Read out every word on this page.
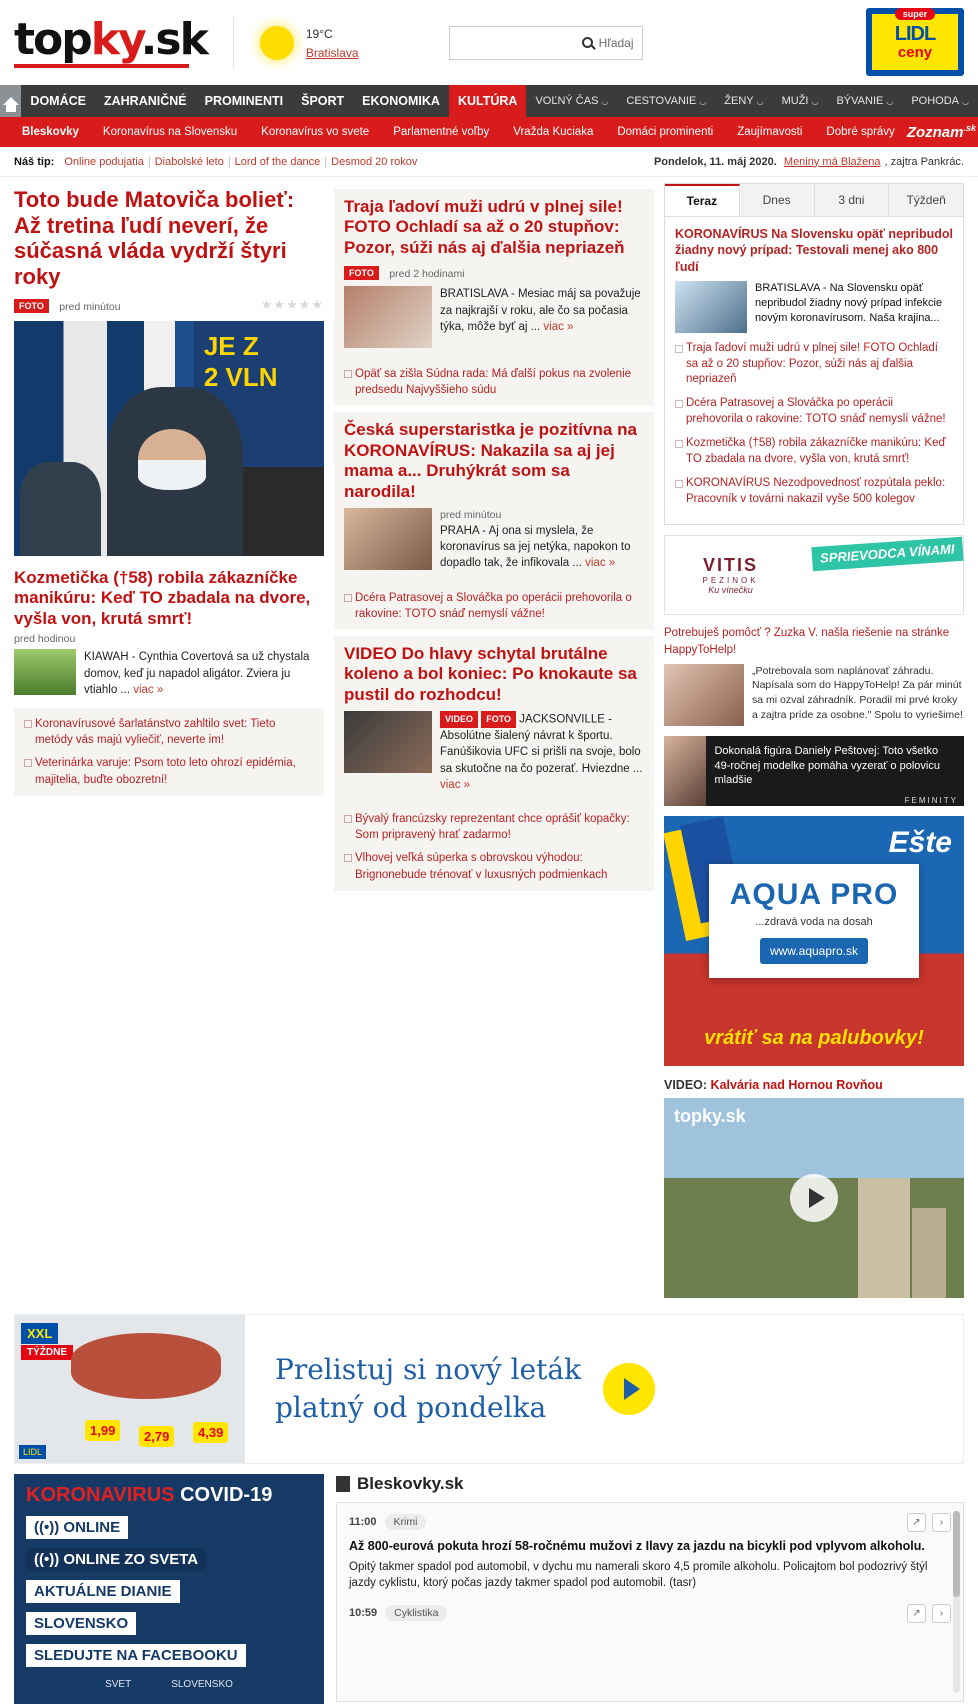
topky.sk	19°C
Bratislava
Hľadaj
super
LIDL
ceny
DOMÁCE ZAHRANIČNÉ PROMINENTI ŠPORT EKONOMIKA KULTÚRA VOĽNÝ ČAS ◡ CESTOVANIE ◡ ŽENY ◡ MUŽI ◡ BÝVANIE ◡ POHODA ◡
Bleskovky	Koronavírus na Slovensku	Koronavírus vo svete	Parlamentné voľby	Vražda Kuciaka	Domáci prominenti	Zaujímavosti	Dobré správy Zoznam$^{.sk}$
Náš tip: Online podujatia | Diabolské leto | Lord of the dance | Desmod 20 rokov	Pondelok, 11. máj 2020. Meniny má Blažena , zajtra Pankrác.
Toto bude Matoviča bolieť: Až tretina ľudí neverí, že súčasná vláda vydrží štyri roky
FOTO pred minútou	★★★★★
JE Z
2 VLN
Kozmetička (†58) robila zákazníčke manikúru: Keď TO zbadala na dvore, vyšla von, krutá smrť!
pred hodinou
KIAWAH - Cynthia Covertová sa už chystala domov, keď ju napadol aligátor. Zviera ju vtiahlo ... viac »
Koronavírusové šarlatánstvo zahltilo svet: Tieto metódy vás majú vyliečiť, neverte im!
Veterinárka varuje: Psom toto leto ohrozí epidémia, majitelia, buďte obozretní!
Traja ľadoví muži udrú v plnej sile! FOTO Ochladí sa až o 20 stupňov: Pozor, súži nás aj ďalšia nepriazeň
FOTO pred 2 hodinami
BRATISLAVA - Mesiac máj sa považuje za najkrajší v roku, ale čo sa počasia týka, môže byť aj ... viac »
Opäť sa zišla Súdna rada: Má ďalší pokus na zvolenie predsedu Najvyššieho súdu
Česká superstaristka je pozitívna na KORONAVÍRUS: Nakazila sa aj jej mama a... Druhýkrát som sa narodila!
pred minútou
PRAHA - Aj ona si myslela, že koronavírus sa jej netýka, napokon to dopadlo tak, že infikovala ... viac »
Dcéra Patrasovej a Slováčka po operácii prehovorila o rakovine: TOTO snáď nemyslí vážne!
VIDEO Do hlavy schytal brutálne koleno a bol koniec: Po knokaute sa pustil do rozhodcu!
VIDEO FOTO JACKSONVILLE - Absolútne šialený návrat k športu. Fanúšikovia UFC si prišli na svoje, bolo sa skutočne na čo pozerať. Hviezdne ... viac »
Bývalý francúzsky reprezentant chce oprášiť kopačky: Som pripravený hrať zadarmo!
Vlhovej veľká súperka s obrovskou výhodou: Brignonebude trénovať v luxusných podmienkach
Teraz	Dnes	3 dni	Týždeň
KORONAVÍRUS Na Slovensku opäť nepribudol žiadny nový prípad: Testovali menej ako 800 ľudí
BRATISLAVA - Na Slovensku opäť nepribudol žiadny nový prípad infekcie novým koronavírusom. Naša krajina...
Traja ľadoví muži udrú v plnej sile! FOTO Ochladí sa až o 20 stupňov: Pozor, súži nás aj ďalšia nepriazeň
Dcéra Patrasovej a Slováčka po operácii prehovorila o rakovine: TOTO snáď nemyslí vážne!
Kozmetička (†58) robila zákazníčke manikúru: Keď TO zbadala na dvore, vyšla von, krutá smrť!
KORONAVÍRUS Nezodpovednosť rozpútala peklo: Pracovník v továrni nakazil vyše 500 kolegov
VITIS
PEZINOK
Ku vínečku
SPRIEVODCA VÍNAMI
Potrebuješ pomôcť ? Zuzka V. našla riešenie na stránke HappyToHelp!
„Potrebovala som naplánovať záhradu. Napísala som do HappyToHelp! Za pár minút sa mi ozval záhradník. Poradil mi prvé kroky a zajtra príde za osobne." Spolu to vyriešime!
Dokonalá figúra Daniely Peštovej: Toto všetko 49-ročnej modelke pomáha vyzerať o polovicu mladšie
FEMINITY
Ešte
AQUA PRO
...zdravá voda na dosah
www.aquapro.sk
vrátiť sa na palubovky!
VIDEO: Kalvária nad Hornou Rovňou
topky.sk
XXL
TÝŽDNE
1,99	2,79	4,39
LIDL
Prelistuj si nový leták
platný od pondelka
KORONAVIRUS COVID-19
((•)) ONLINE
((•)) ONLINE ZO SVETA
AKTUÁLNE DIANIE
SLOVENSKO
SLEDUJTE NA FACEBOOKU
SVET	SLOVENSKO
Bleskovky.sk
11:00	Krimi	↗	›
Až 800-eurová pokuta hrozí 58-ročnému mužovi z Ilavy za jazdu na bicykli pod vplyvom alkoholu.
Opitý takmer spadol pod automobil, v dychu mu namerali skoro 4,5 promile alkoholu. Policajtom bol podozrivý štýl jazdy cyklistu, ktorý počas jazdy takmer spadol pod automobil. (tasr)
10:59	Cyklistika	↗	›
